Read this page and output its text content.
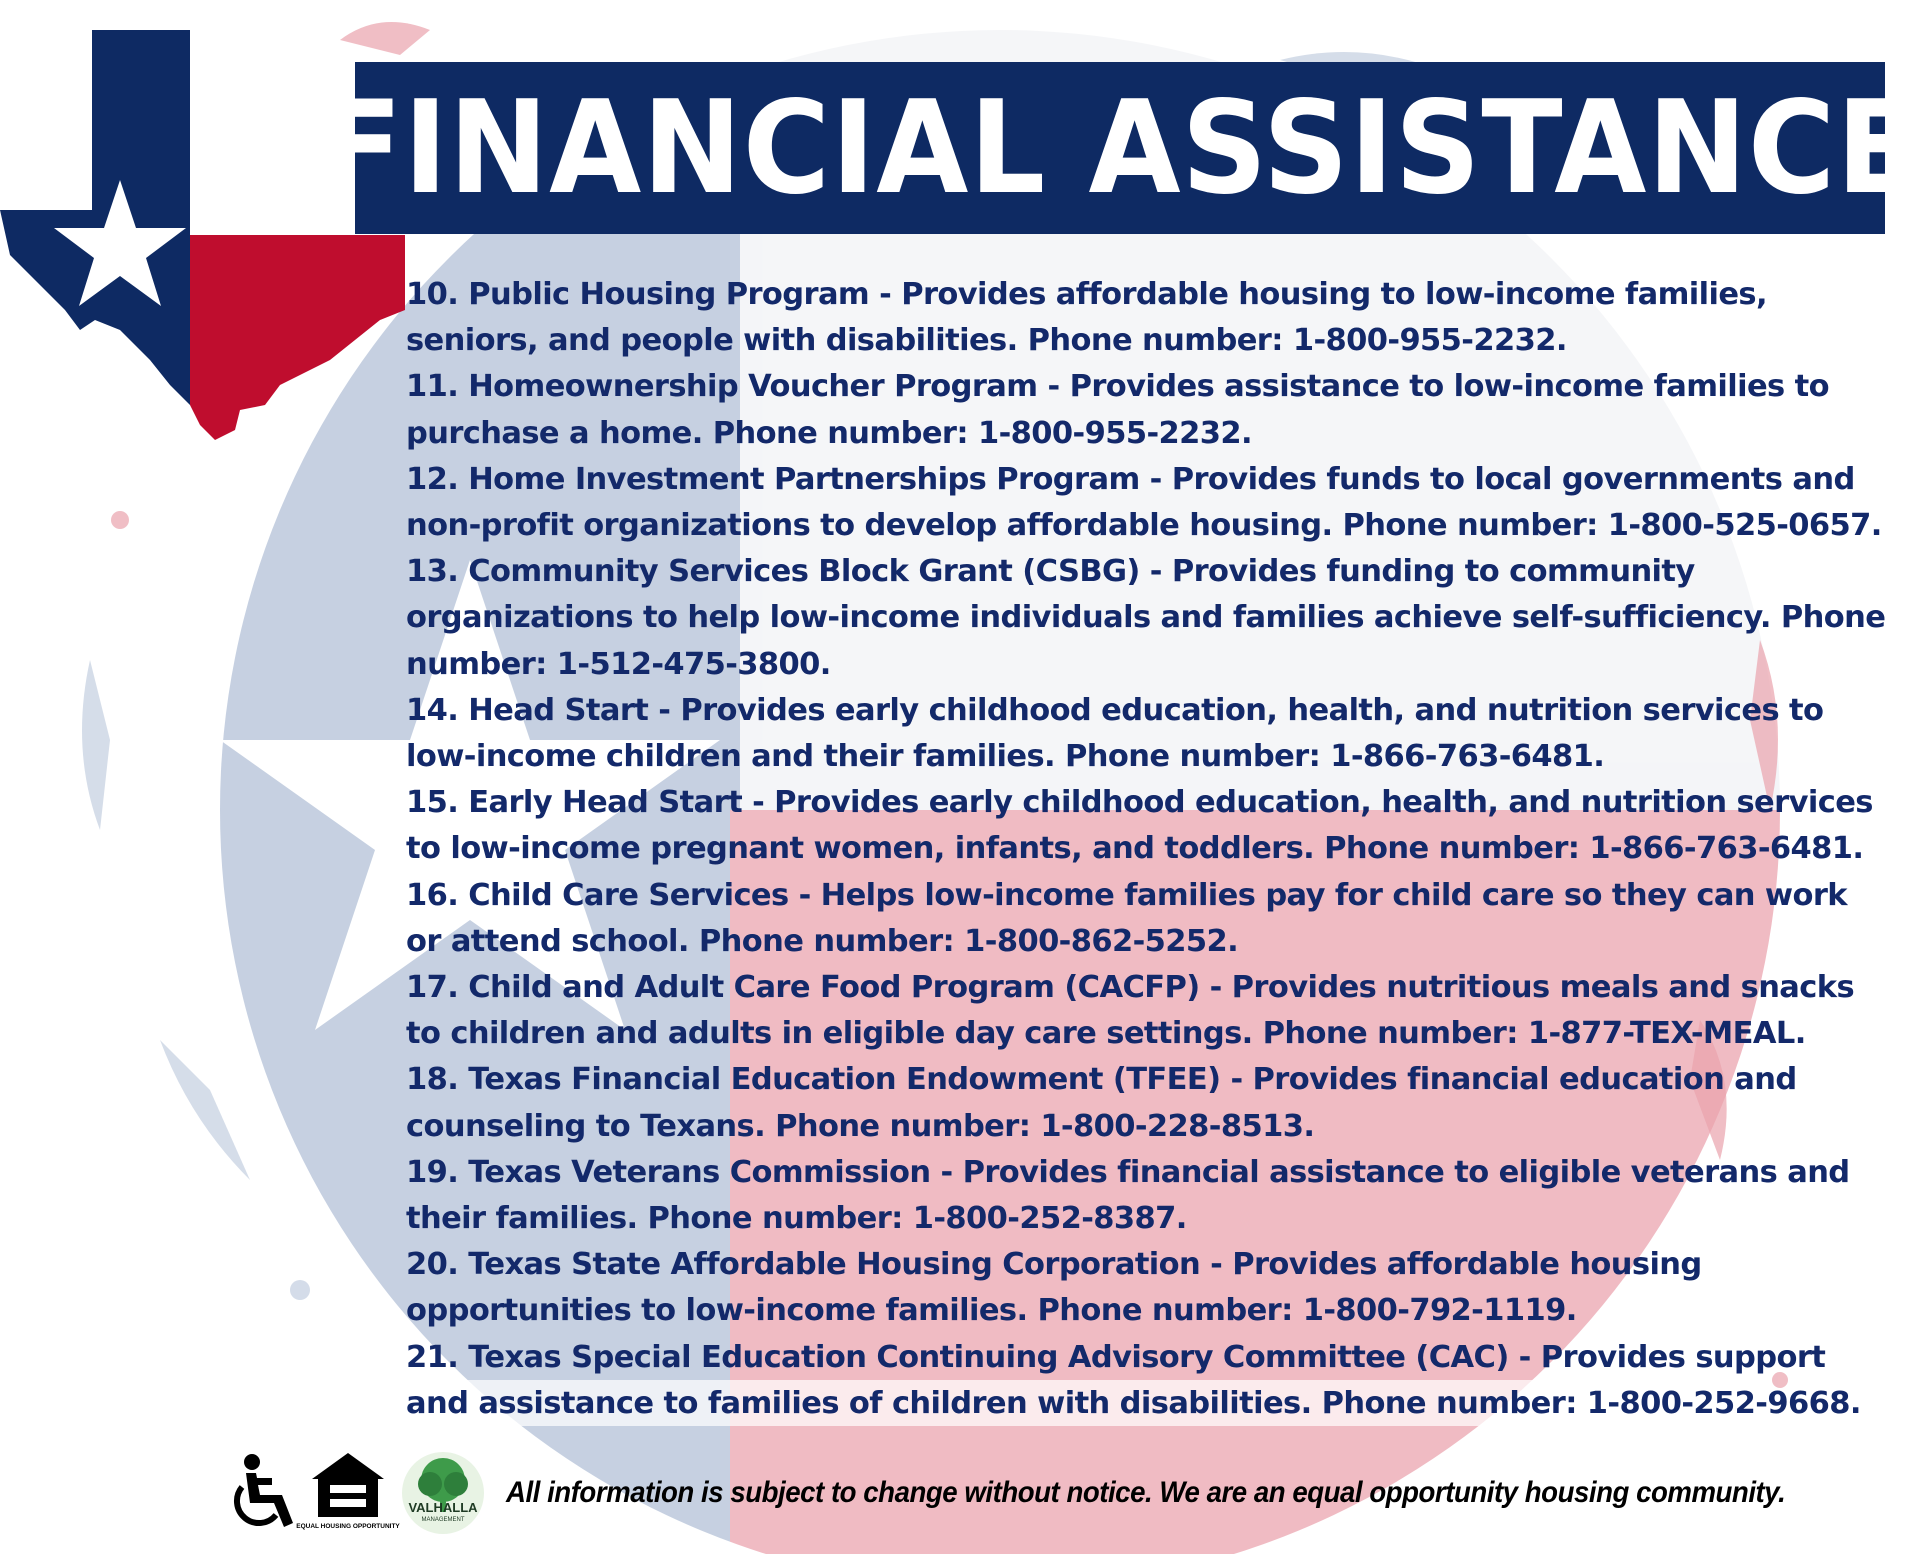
FINANCIAL ASSISTANCE
10. Public Housing Program - Provides affordable housing to low-income families, seniors, and people with disabilities. Phone number: 1-800-955-2232.
11. Homeownership Voucher Program - Provides assistance to low-income families to purchase a home. Phone number: 1-800-955-2232.
12. Home Investment Partnerships Program - Provides funds to local governments and non-profit organizations to develop affordable housing. Phone number: 1-800-525-0657.
13. Community Services Block Grant (CSBG) - Provides funding to community organizations to help low-income individuals and families achieve self-sufficiency. Phone number: 1-512-475-3800.
14. Head Start - Provides early childhood education, health, and nutrition services to low-income children and their families. Phone number: 1-866-763-6481.
15. Early Head Start - Provides early childhood education, health, and nutrition services to low-income pregnant women, infants, and toddlers. Phone number: 1-866-763-6481.
16. Child Care Services - Helps low-income families pay for child care so they can work or attend school. Phone number: 1-800-862-5252.
17. Child and Adult Care Food Program (CACFP) - Provides nutritious meals and snacks to children and adults in eligible day care settings. Phone number: 1-877-TEX-MEAL.
18. Texas Financial Education Endowment (TFEE) - Provides financial education and counseling to Texans. Phone number: 1-800-228-8513.
19. Texas Veterans Commission - Provides financial assistance to eligible veterans and their families. Phone number: 1-800-252-8387.
20. Texas State Affordable Housing Corporation - Provides affordable housing opportunities to low-income families. Phone number: 1-800-792-1119.
21. Texas Special Education Continuing Advisory Committee (CAC) - Provides support and assistance to families of children with disabilities. Phone number: 1-800-252-9668.
EQUAL HOUSING OPPORTUNITY
VALHALLA
MANAGEMENT
All information is subject to change without notice. We are an equal opportunity housing community.
